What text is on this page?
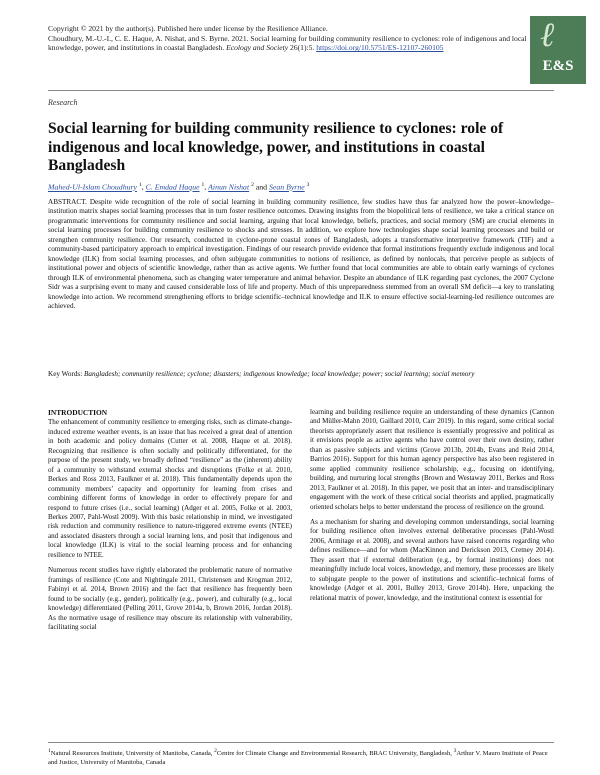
Copyright © 2021 by the author(s). Published here under license by the Resilience Alliance.
Choudhury, M.-U.-I., C. E. Haque, A. Nishat, and S. Byrne. 2021. Social learning for building community resilience to cyclones: role of indigenous and local knowledge, power, and institutions in coastal Bangladesh. Ecology and Society 26(1):5. https://doi.org/10.5751/ES-12107-260105	ℓ
E&S
Research
Social learning for building community resilience to cyclones: role of indigenous and local knowledge, power, and institutions in coastal Bangladesh
Mahed-Ul-Islam Choudhury $^1$, C. Emdad Haque $^1$, Ainun Nishat $^2$ and Sean Byrne $^3$

ABSTRACT. Despite wide recognition of the role of social learning in building community resilience, few studies have thus far analyzed how the power–knowledge–institution matrix shapes social learning processes that in turn foster resilience outcomes. Drawing insights from the biopolitical lens of resilience, we take a critical stance on programmatic interventions for community resilience and social learning, arguing that local knowledge, beliefs, practices, and social memory (SM) are crucial elements in social learning processes for building community resilience to shocks and stresses. In addition, we explore how technologies shape social learning processes and build or strengthen community resilience. Our research, conducted in cyclone-prone coastal zones of Bangladesh, adopts a transformative interpretive framework (TIF) and a community-based participatory approach to empirical investigation. Findings of our research provide evidence that formal institutions frequently exclude indigenous and local knowledge (ILK) from social learning processes, and often subjugate communities to notions of resilience, as defined by nonlocals, that perceive people as subjects of institutional power and objects of scientific knowledge, rather than as active agents. We further found that local communities are able to obtain early warnings of cyclones through ILK of environmental phenomena, such as changing water temperature and animal behavior. Despite an abundance of ILK regarding past cyclones, the 2007 Cyclone Sidr was a surprising event to many and caused considerable loss of life and property. Much of this unpreparedness stemmed from an overall SM deficit—a key to translating knowledge into action. We recommend strengthening efforts to bridge scientific–technical knowledge and ILK to ensure effective social-learning-led resilience outcomes are achieved.

Key Words: Bangladesh; community resilience; cyclone; disasters; indigenous knowledge; local knowledge; power; social learning; social memory

INTRODUCTION

The enhancement of community resilience to emerging risks, such as climate-change-induced extreme weather events, is an issue that has received a great deal of attention in both academic and policy domains (Cutter et al. 2008, Haque et al. 2018). Recognizing that resilience is often socially and politically differentiated, for the purpose of the present study, we broadly defined “resilience” as the (inherent) ability of a community to withstand external shocks and disruptions (Folke et al. 2010, Berkes and Ross 2013, Faulkner et al. 2018). This fundamentally depends upon the community members’ capacity and opportunity for learning from crises and combining different forms of knowledge in order to effectively prepare for and respond to future crises (i.e., social learning) (Adger et al. 2005, Folke et al. 2003, Berkes 2007, Pahl-Wostl 2009). With this basic relationship in mind, we investigated risk reduction and community resilience to nature-triggered extreme events (NTEE) and associated disasters through a social learning lens, and posit that indigenous and local knowledge (ILK) is vital to the social learning process and for enhancing resilience to NTEE.

Numerous recent studies have rightly elaborated the problematic nature of normative framings of resilience (Cote and Nightingale 2011, Christensen and Krogman 2012, Fabinyi et al. 2014, Brown 2016) and the fact that resilience has frequently been found to be socially (e.g., gender), politically (e.g., power), and culturally (e.g., local knowledge) differentiated (Pelling 2011, Grove 2014a, b, Brown 2016, Jordan 2018). As the normative usage of resilience may obscure its relationship with vulnerability, facilitating social

learning and building resilience require an understanding of these dynamics (Cannon and Müller-Mahn 2010, Gaillard 2010, Carr 2019). In this regard, some critical social theorists appropriately assert that resilience is essentially progressive and political as it envisions people as active agents who have control over their own destiny, rather than as passive subjects and victims (Grove 2013b, 2014b, Evans and Reid 2014, Barrios 2016). Support for this human agency perspective has also been registered in some applied community resilience scholarship, e.g., focusing on identifying, building, and nurturing local strengths (Brown and Westaway 2011, Berkes and Ross 2013, Faulkner et al. 2018). In this paper, we posit that an inter- and transdisciplinary engagement with the work of these critical social theorists and applied, pragmatically oriented scholars helps to better understand the process of resilience on the ground.

As a mechanism for sharing and developing common understandings, social learning for building resilience often involves external deliberative processes (Pahl-Wostl 2006, Armitage et al. 2008), and several authors have raised concerns regarding who defines resilience—and for whom (MacKinnon and Derickson 2013, Cretney 2014). They assert that if external deliberation (e.g., by formal institutions) does not meaningfully include local voices, knowledge, and memory, these processes are likely to subjugate people to the power of institutions and scientific–technical forms of knowledge (Adger et al. 2001, Bulley 2013, Grove 2014b). Here, unpacking the relational matrix of power, knowledge, and the institutional context is essential for

$^1$Natural Resources Institute, University of Manitoba, Canada, $^2$Centre for Climate Change and Environmental Research, BRAC University, Bangladesh, $^3$Arthur V. Mauro Institute of Peace and Justice, University of Manitoba, Canada
